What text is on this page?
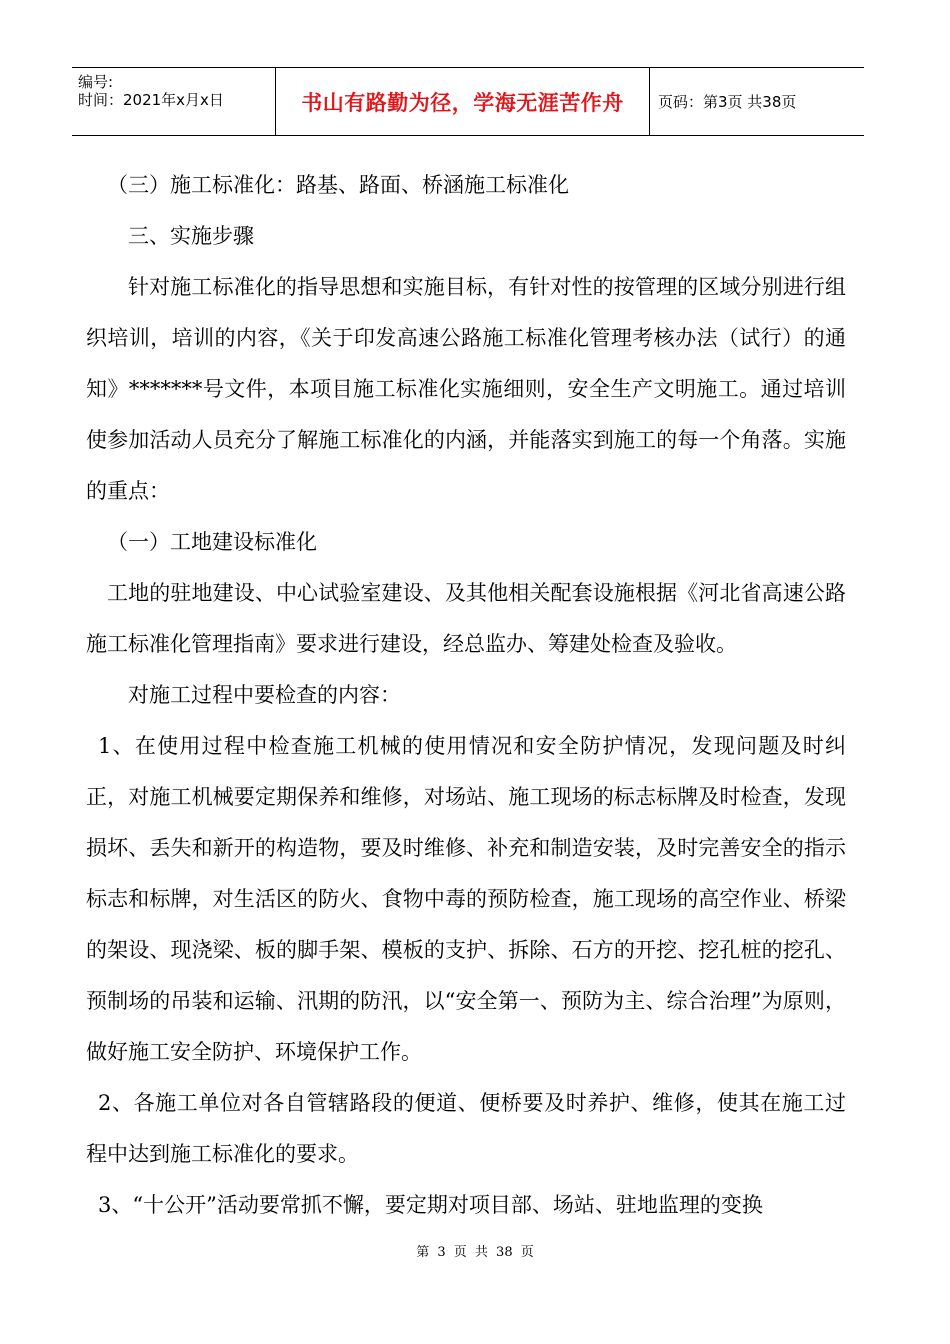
编号:
时间：2021年x月x日	书山有路勤为径，学海无涯苦作舟 页码：第3页 共38页

（三）施工标准化：路基、路面、桥涵施工标准化

三、实施步骤

针对施工标准化的指导思想和实施目标，有针对性的按管理的区域分别进行组织培训，培训的内容，《关于印发高速公路施工标准化管理考核办法（试行）的通知》*******号文件，本项目施工标准化实施细则，安全生产文明施工。通过培训使参加活动人员充分了解施工标准化的内涵，并能落实到施工的每一个角落。实施的重点：

（一）工地建设标准化

工地的驻地建设、中心试验室建设、及其他相关配套设施根据《河北省高速公路施工标准化管理指南》要求进行建设，经总监办、筹建处检查及验收。

对施工过程中要检查的内容：

1、在使用过程中检查施工机械的使用情况和安全防护情况，发现问题及时纠正，对施工机械要定期保养和维修，对场站、施工现场的标志标牌及时检查，发现损坏、丢失和新开的构造物，要及时维修、补充和制造安装，及时完善安全的指示标志和标牌，对生活区的防火、食物中毒的预防检查，施工现场的高空作业、桥梁的架设、现浇梁、板的脚手架、模板的支护、拆除、石方的开挖、挖孔桩的挖孔、预制场的吊装和运输、汛期的防汛，以“安全第一、预防为主、综合治理”为原则，做好施工安全防护、环境保护工作。

2、各施工单位对各自管辖路段的便道、便桥要及时养护、维修，使其在施工过程中达到施工标准化的要求。

3、“十公开”活动要常抓不懈，要定期对项目部、场站、驻地监理的变换

第 3 页 共 38 页
